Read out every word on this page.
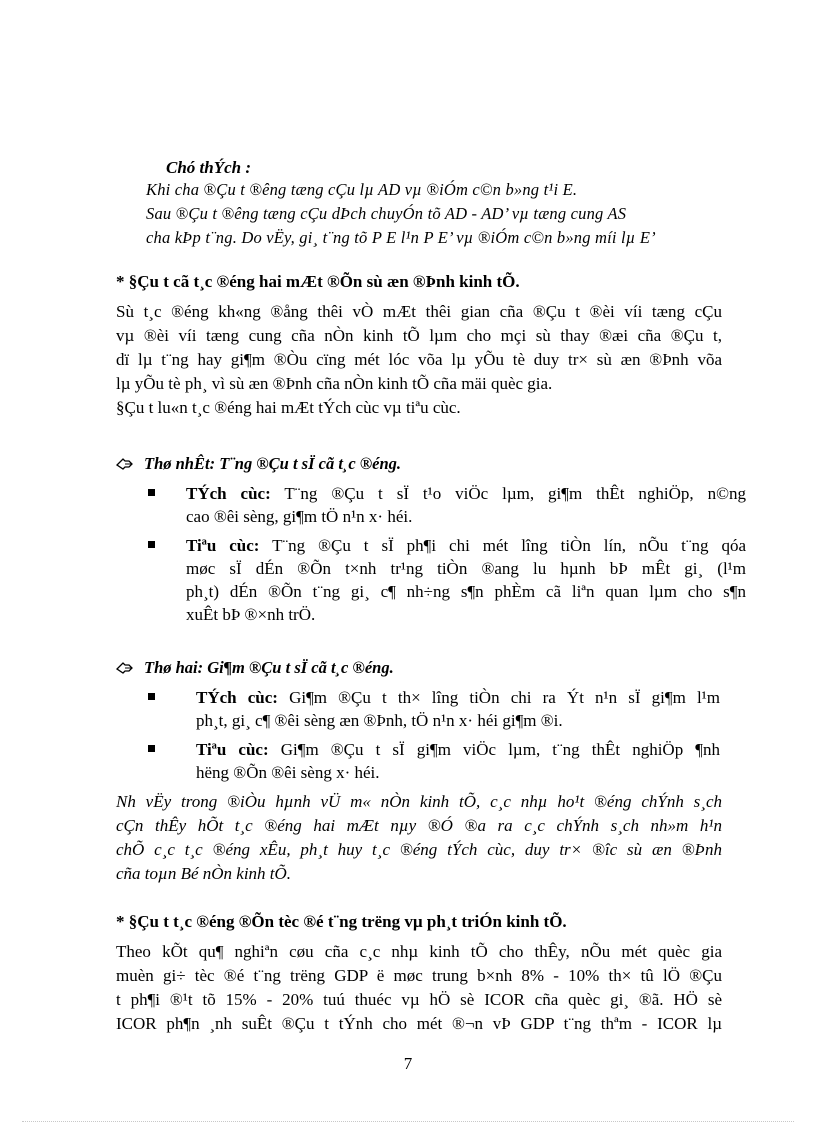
Chó thÝch :
Khi cha ®Çu t ®êng tæng cÇu lµ AD vµ ®iÓm c©n b»ng t¹i E.
Sau ®Çu t ®êng tæng cÇu dÞch chuyÓn tõ AD - AD’ vµ tæng cung AS
cha kÞp t¨ng. Do vËy, gi¸ t¨ng tõ P E l¹n P E’ vµ ®iÓm c©n b»ng míi lµ E’
* §Çu t cã t¸c ®éng hai mÆt ®Õn sù æn ®Þnh kinh tÕ.
Sù t¸c ®éng kh«ng ®ång thêi vÒ mÆt thêi gian cña ®Çu t ®èi víi tæng cÇu
vµ ®èi víi tæng cung cña nÒn kinh tÕ lµm cho mçi sù thay ®æi cña ®Çu t,
dï lµ t¨ng hay gi¶m ®Òu cïng mét lóc võa lµ yÕu tè duy tr× sù æn ®Þnh võa
lµ yÕu tè ph¸ vì sù æn ®Þnh cña nÒn kinh tÕ cña mäi quèc gia.
§Çu t lu«n t¸c ®éng hai mÆt tÝch cùc vµ tiªu cùc.
Thø nhÊt: T¨ng ®Çu t sÏ cã t¸c ®éng.
TÝch cùc: T¨ng ®Çu t sÏ t¹o viÖc lµm, gi¶m thÊt nghiÖp, n©ng
cao ®êi sèng, gi¶m tÖ n¹n x· héi.
Tiªu cùc: T¨ng ®Çu t sÏ ph¶i chi mét lîng tiÒn lín, nÕu t¨ng qóa
møc sÏ dÉn ®Õn t×nh tr¹ng tiÒn ®ang lu hµnh bÞ mÊt gi¸ (l¹m
ph¸t) dÉn ®Õn t¨ng gi¸ c¶ nh÷ng s¶n phÈm cã liªn quan lµm cho s¶n
xuÊt bÞ ®×nh trÖ.
Thø hai: Gi¶m ®Çu t sÏ cã t¸c ®éng.
TÝch cùc: Gi¶m ®Çu t th× lîng tiÒn chi ra Ýt n¹n sÏ gi¶m l¹m
ph¸t, gi¸ c¶ ®êi sèng æn ®Þnh, tÖ n¹n x· héi gi¶m ®i.
Tiªu cùc: Gi¶m ®Çu t sÏ gi¶m viÖc lµm, t¨ng thÊt nghiÖp ¶nh
hëng ®Õn ®êi sèng x· héi.
Nh vËy trong ®iÒu hµnh vÜ m« nÒn kinh tÕ, c¸c nhµ ho¹t ®éng chÝnh s¸ch
cÇn thÊy hÕt t¸c ®éng hai mÆt nµy ®Ó ®a ra c¸c chÝnh s¸ch nh»m h¹n
chÕ c¸c t¸c ®éng xÊu, ph¸t huy t¸c ®éng tÝch cùc, duy tr× ®îc sù æn ®Þnh
cña toµn Bé nÒn kinh tÕ.
* §Çu t t¸c ®éng ®Õn tèc ®é t¨ng trëng vµ ph¸t triÓn kinh tÕ.
Theo kÕt qu¶ nghiªn cøu cña c¸c nhµ kinh tÕ cho thÊy, nÕu mét quèc gia
muèn gi÷ tèc ®é t¨ng trëng GDP ë møc trung b×nh 8% - 10% th× tû lÖ ®Çu
t ph¶i ®¹t tõ 15% - 20% tuú thuéc vµ hÖ sè ICOR cña quèc gi¸ ®ã. HÖ sè
ICOR ph¶n ¸nh suÊt ®Çu t tÝnh cho mét ®¬n vÞ GDP t¨ng thªm - ICOR lµ
7
